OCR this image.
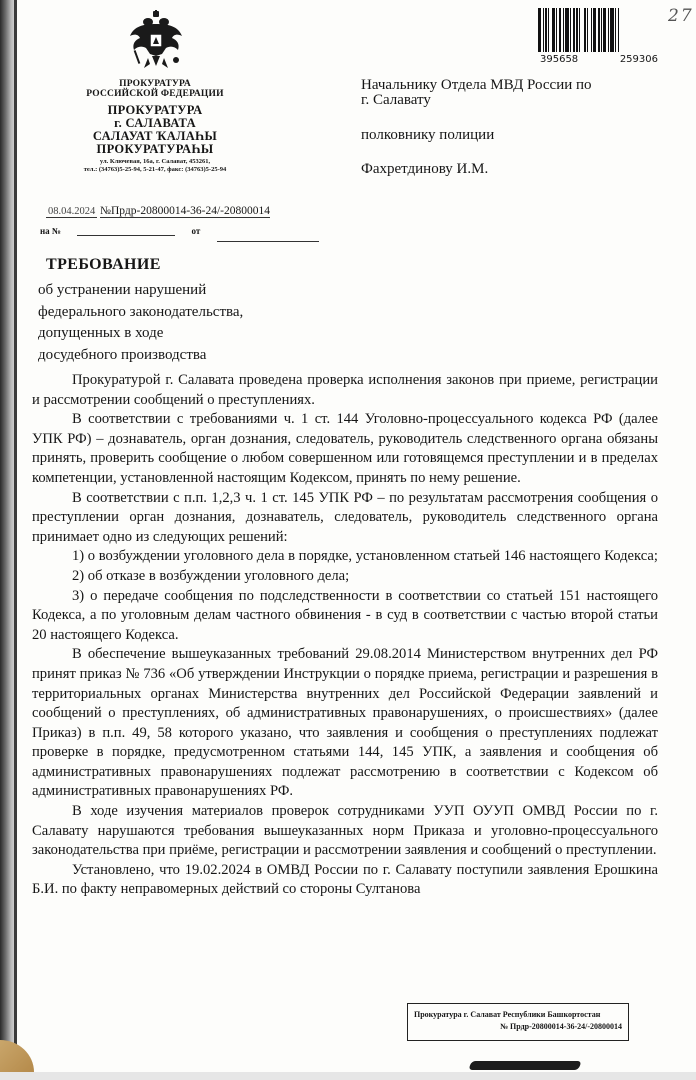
ПРОКУРАТУРА
РОССИЙСКОЙ ФЕДЕРАЦИИ
ПРОКУРАТУРА
г. САЛАВАТА
САЛАУАТ ҠАЛАҺЫ
ПРОКУРАТУРАҺЫ
ул. Ключевая, 16а, г. Салават, 453261,
тел.: (34763)5-25-94, 5-21-47, факс: (34763)5-25-94
08.04.2024 №Прдр-20800014-36-24/-20800014
на №	от
395658	259306
27
Начальнику Отдела МВД России по
г. Салавату
полковнику полиции
Фахретдинову И.М.
ТРЕБОВАНИЕ
об устранении нарушений
федерального законодательства,
допущенных в ходе
досудебного производства

Прокуратурой г. Салавата проведена проверка исполнения законов при приеме, регистрации и рассмотрении сообщений о преступлениях.

В соответствии с требованиями ч. 1 ст. 144 Уголовно-процессуального кодекса РФ (далее УПК РФ) – дознаватель, орган дознания, следователь, руководитель следственного органа обязаны принять, проверить сообщение о любом совершенном или готовящемся преступлении и в пределах компетенции, установленной настоящим Кодексом, принять по нему решение.

В соответствии с п.п. 1,2,3 ч. 1 ст. 145 УПК РФ – по результатам рассмотрения сообщения о преступлении орган дознания, дознаватель, следователь, руководитель следственного органа принимает одно из следующих решений:

1) о возбуждении уголовного дела в порядке, установленном статьей 146 настоящего Кодекса;

2) об отказе в возбуждении уголовного дела;

3) о передаче сообщения по подследственности в соответствии со статьей 151 настоящего Кодекса, а по уголовным делам частного обвинения - в суд в соответствии с частью второй статьи 20 настоящего Кодекса.

В обеспечение вышеуказанных требований 29.08.2014 Министерством внутренних дел РФ принят приказ № 736 «Об утверждении Инструкции о порядке приема, регистрации и разрешения в территориальных органах Министерства внутренних дел Российской Федерации заявлений и сообщений о преступлениях, об административных правонарушениях, о происшествиях» (далее Приказ) в п.п. 49, 58 которого указано, что заявления и сообщения о преступлениях подлежат проверке в порядке, предусмотренном статьями 144, 145 УПК, а заявления и сообщения об административных правонарушениях подлежат рассмотрению в соответствии с Кодексом об административных правонарушениях РФ.

В ходе изучения материалов проверок сотрудниками УУП ОУУП ОМВД России по г. Салавату нарушаются требования вышеуказанных норм Приказа и уголовно-процессуального законодательства при приёме, регистрации и рассмотрении заявления и сообщений о преступлении.

Установлено, что 19.02.2024 в ОМВД России по г. Салавату поступили заявления Ерошкина Б.И. по факту неправомерных действий со стороны Султанова

Прокуратура г. Салават Республики Башкортостан
№ Прдр-20800014-36-24/-20800014
